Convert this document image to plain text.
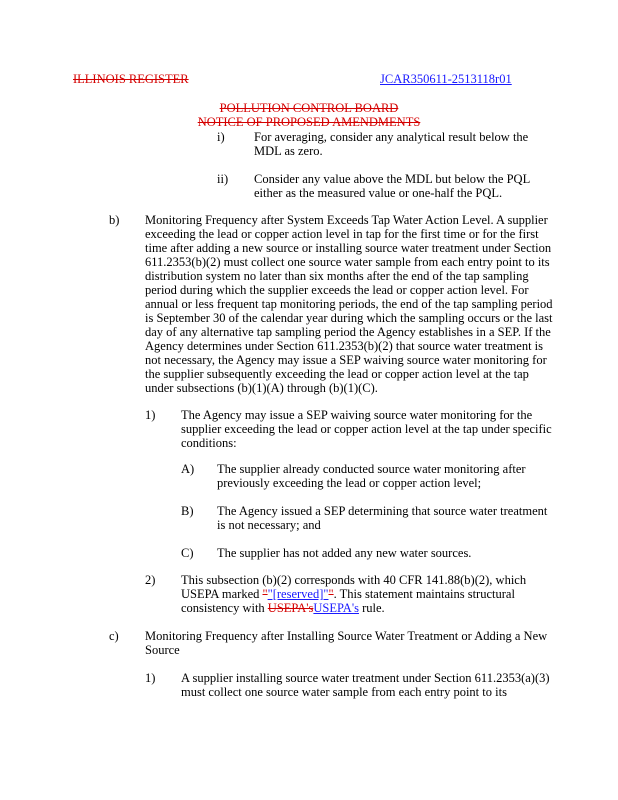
ILLINOIS REGISTER	JCAR350611-2513118r01
POLLUTION CONTROL BOARD
NOTICE OF PROPOSED AMENDMENTS
i) For averaging, consider any analytical result below the
MDL as zero.
ii) Consider any value above the MDL but below the PQL
either as the measured value or one-half the PQL.
b) Monitoring Frequency after System Exceeds Tap Water Action Level. A supplier
exceeding the lead or copper action level in tap for the first time or for the first
time after adding a new source or installing source water treatment under Section
611.2353(b)(2) must collect one source water sample from each entry point to its
distribution system no later than six months after the end of the tap sampling
period during which the supplier exceeds the lead or copper action level. For
annual or less frequent tap monitoring periods, the end of the tap sampling period
is September 30 of the calendar year during which the sampling occurs or the last
day of any alternative tap sampling period the Agency establishes in a SEP. If the
Agency determines under Section 611.2353(b)(2) that source water treatment is
not necessary, the Agency may issue a SEP waiving source water monitoring for
the supplier subsequently exceeding the lead or copper action level at the tap
under subsections (b)(1)(A) through (b)(1)(C).
1) The Agency may issue a SEP waiving source water monitoring for the
supplier exceeding the lead or copper action level at the tap under specific
conditions:
A) The supplier already conducted source water monitoring after
previously exceeding the lead or copper action level;
B) The Agency issued a SEP determining that source water treatment
is not necessary; and
C) The supplier has not added any new water sources.
2) This subsection (b)(2) corresponds with 40 CFR 141.88(b)(2), which
USEPA marked ""[reserved]"". This statement maintains structural
consistency with USEPA'sUSEPA's rule.
c) Monitoring Frequency after Installing Source Water Treatment or Adding a New
Source
1) A supplier installing source water treatment under Section 611.2353(a)(3)
must collect one source water sample from each entry point to its
